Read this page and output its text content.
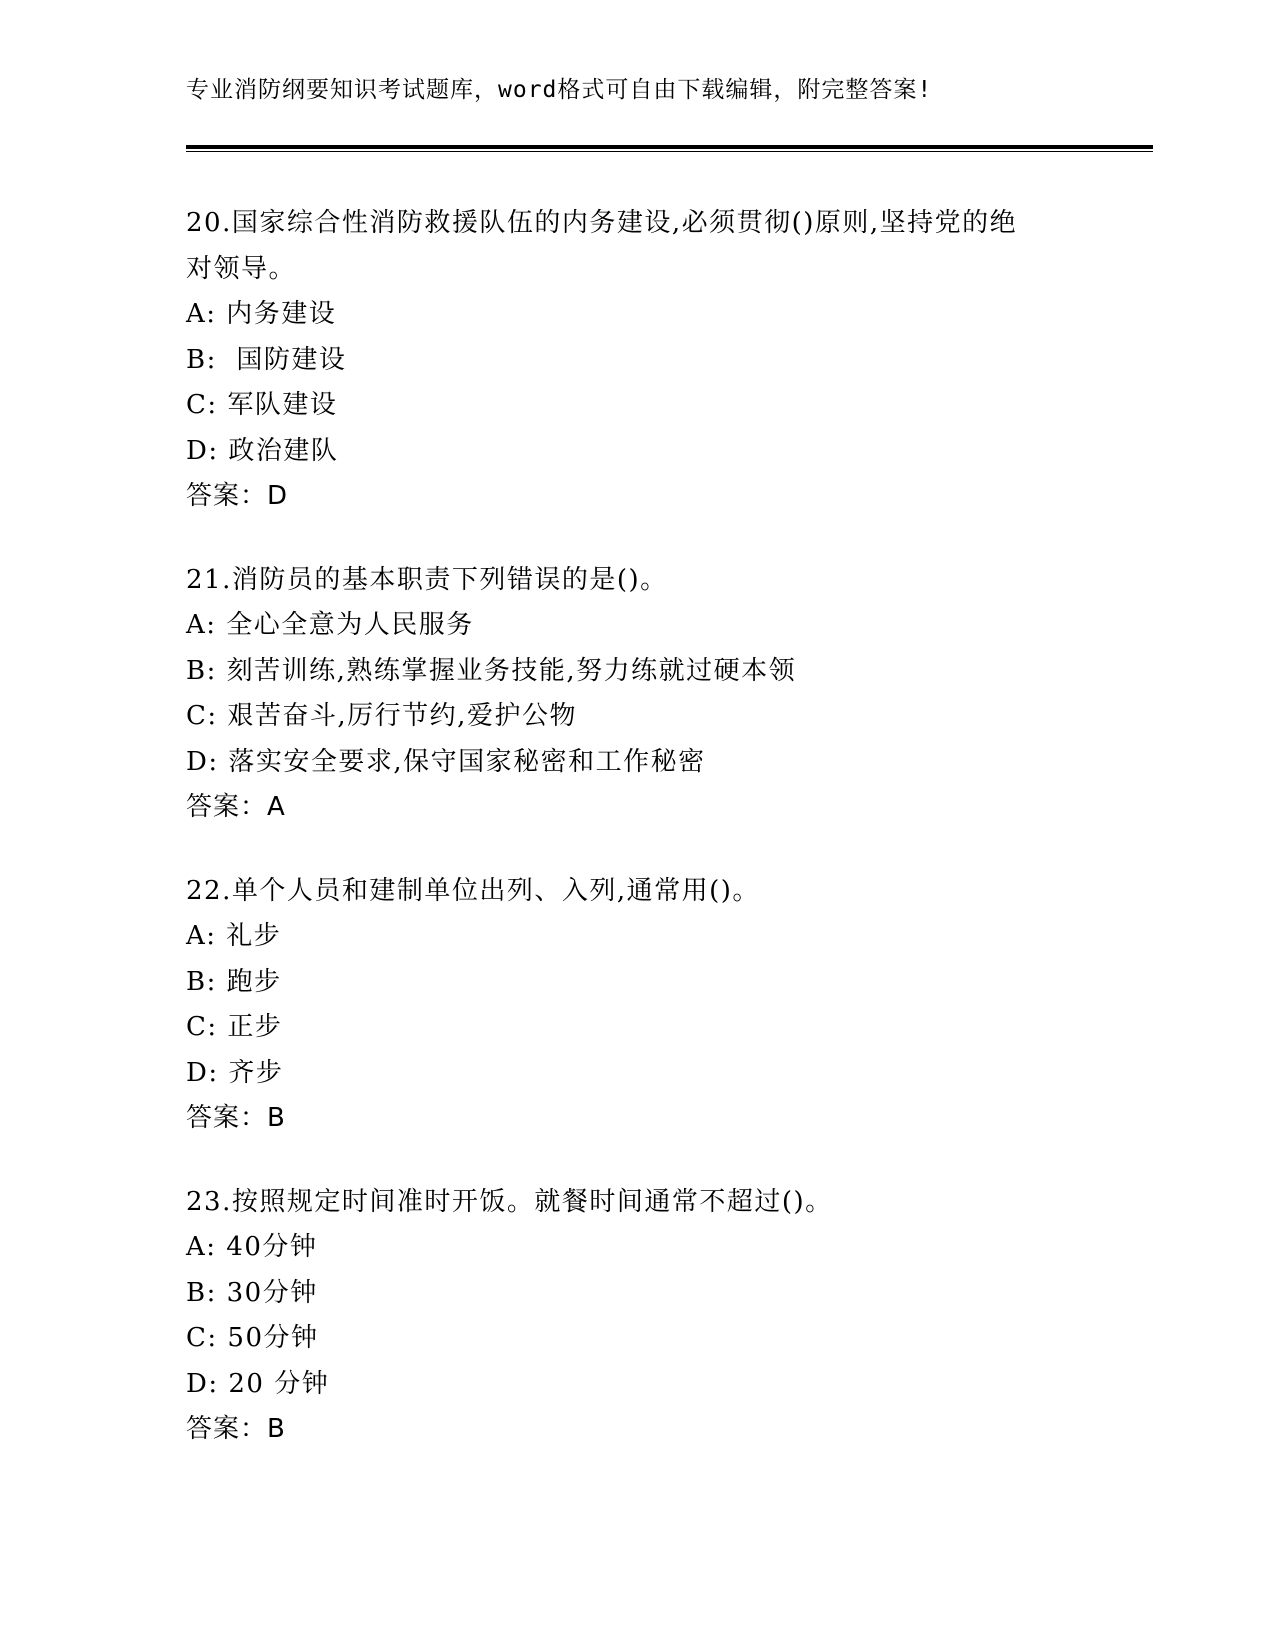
专业消防纲要知识考试题库，word格式可自由下载编辑，附完整答案!
20.国家综合性消防救援队伍的内务建设,必须贯彻()原则,坚持党的绝
对领导。
A: 内务建设
B:  国防建设
C: 军队建设
D: 政治建队
答案：D
21.消防员的基本职责下列错误的是()。
A: 全心全意为人民服务
B: 刻苦训练,熟练掌握业务技能,努力练就过硬本领
C: 艰苦奋斗,厉行节约,爱护公物
D: 落实安全要求,保守国家秘密和工作秘密
答案：A
22.单个人员和建制单位出列、入列,通常用()。
A: 礼步
B: 跑步
C: 正步
D: 齐步
答案：B
23.按照规定时间准时开饭。就餐时间通常不超过()。
A: 40分钟
B: 30分钟
C: 50分钟
D: 20 分钟
答案：B
